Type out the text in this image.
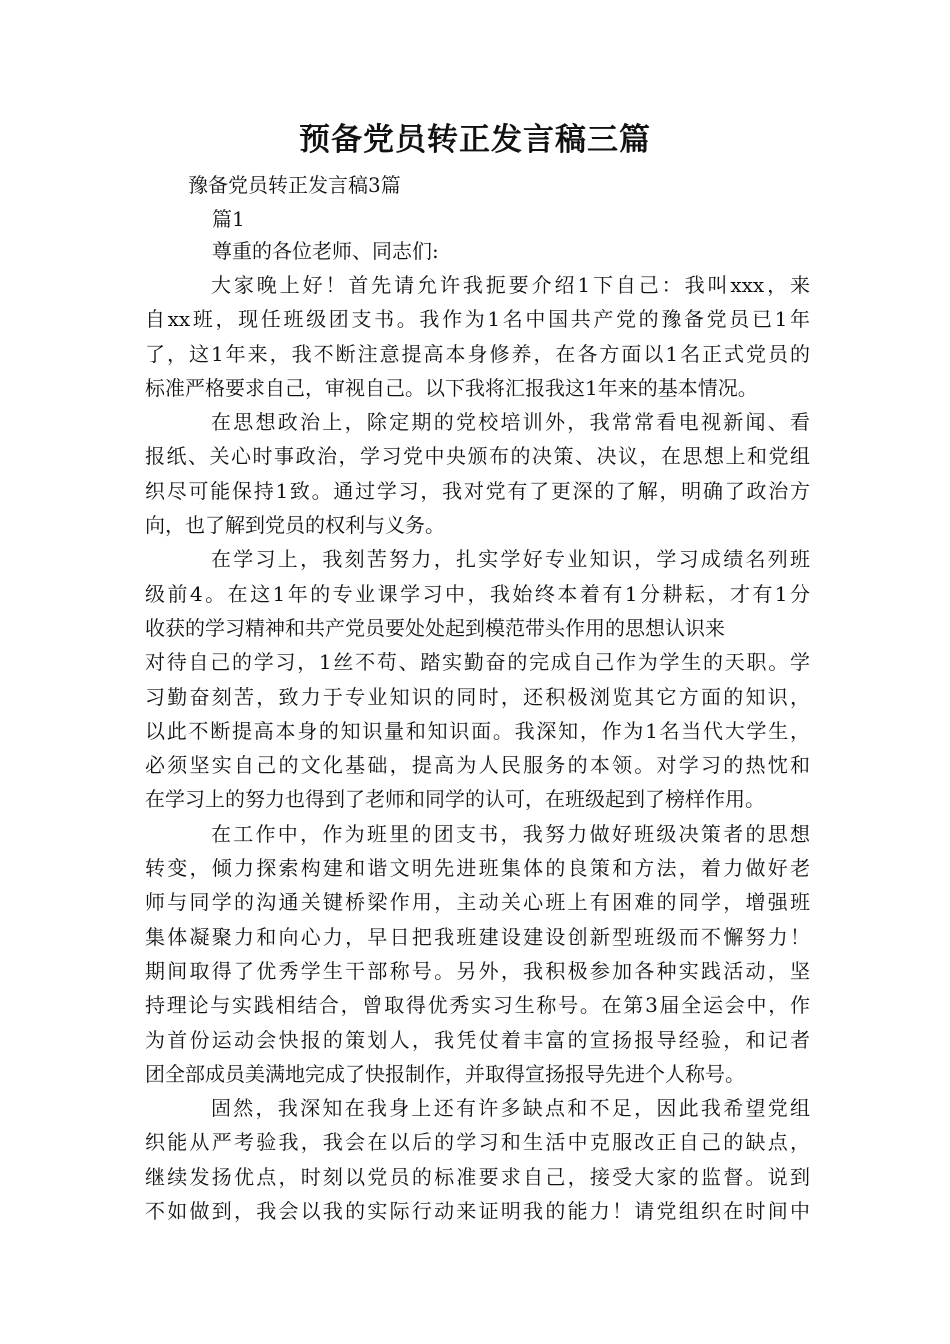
预备党员转正发言稿三篇
豫备党员转正发言稿3篇
篇1
尊重的各位老师、同志们:
大家晚上好！首先请允许我扼要介绍1下自己：我叫xxx，来
自xx班，现任班级团支书。我作为1名中国共产党的豫备党员已1年
了，这1年来，我不断注意提高本身修养，在各方面以1名正式党员的
标准严格要求自己，审视自己。以下我将汇报我这1年来的基本情况。
在思想政治上，除定期的党校培训外，我常常看电视新闻、看
报纸、关心时事政治，学习党中央颁布的决策、决议，在思想上和党组
织尽可能保持1致。通过学习，我对党有了更深的了解，明确了政治方
向，也了解到党员的权利与义务。
在学习上，我刻苦努力，扎实学好专业知识，学习成绩名列班
级前4。在这1年的专业课学习中，我始终本着有1分耕耘，才有1分
收获的学习精神和共产党员要处处起到模范带头作用的思想认识来
对待自己的学习，1丝不苟、踏实勤奋的完成自己作为学生的天职。学
习勤奋刻苦，致力于专业知识的同时，还积极浏览其它方面的知识，
以此不断提高本身的知识量和知识面。我深知，作为1名当代大学生，
必须坚实自己的文化基础，提高为人民服务的本领。对学习的热忱和
在学习上的努力也得到了老师和同学的认可，在班级起到了榜样作用。
在工作中，作为班里的团支书，我努力做好班级决策者的思想
转变，倾力探索构建和谐文明先进班集体的良策和方法，着力做好老
师与同学的沟通关键桥梁作用，主动关心班上有困难的同学，增强班
集体凝聚力和向心力，早日把我班建设建设创新型班级而不懈努力！
期间取得了优秀学生干部称号。另外，我积极参加各种实践活动，坚
持理论与实践相结合，曾取得优秀实习生称号。在第3届全运会中，作
为首份运动会快报的策划人，我凭仗着丰富的宣扬报导经验，和记者
团全部成员美满地完成了快报制作，并取得宣扬报导先进个人称号。
固然，我深知在我身上还有许多缺点和不足，因此我希望党组
织能从严考验我，我会在以后的学习和生活中克服改正自己的缺点，
继续发扬优点，时刻以党员的标准要求自己，接受大家的监督。说到
不如做到，我会以我的实际行动来证明我的能力！请党组织在时间中
